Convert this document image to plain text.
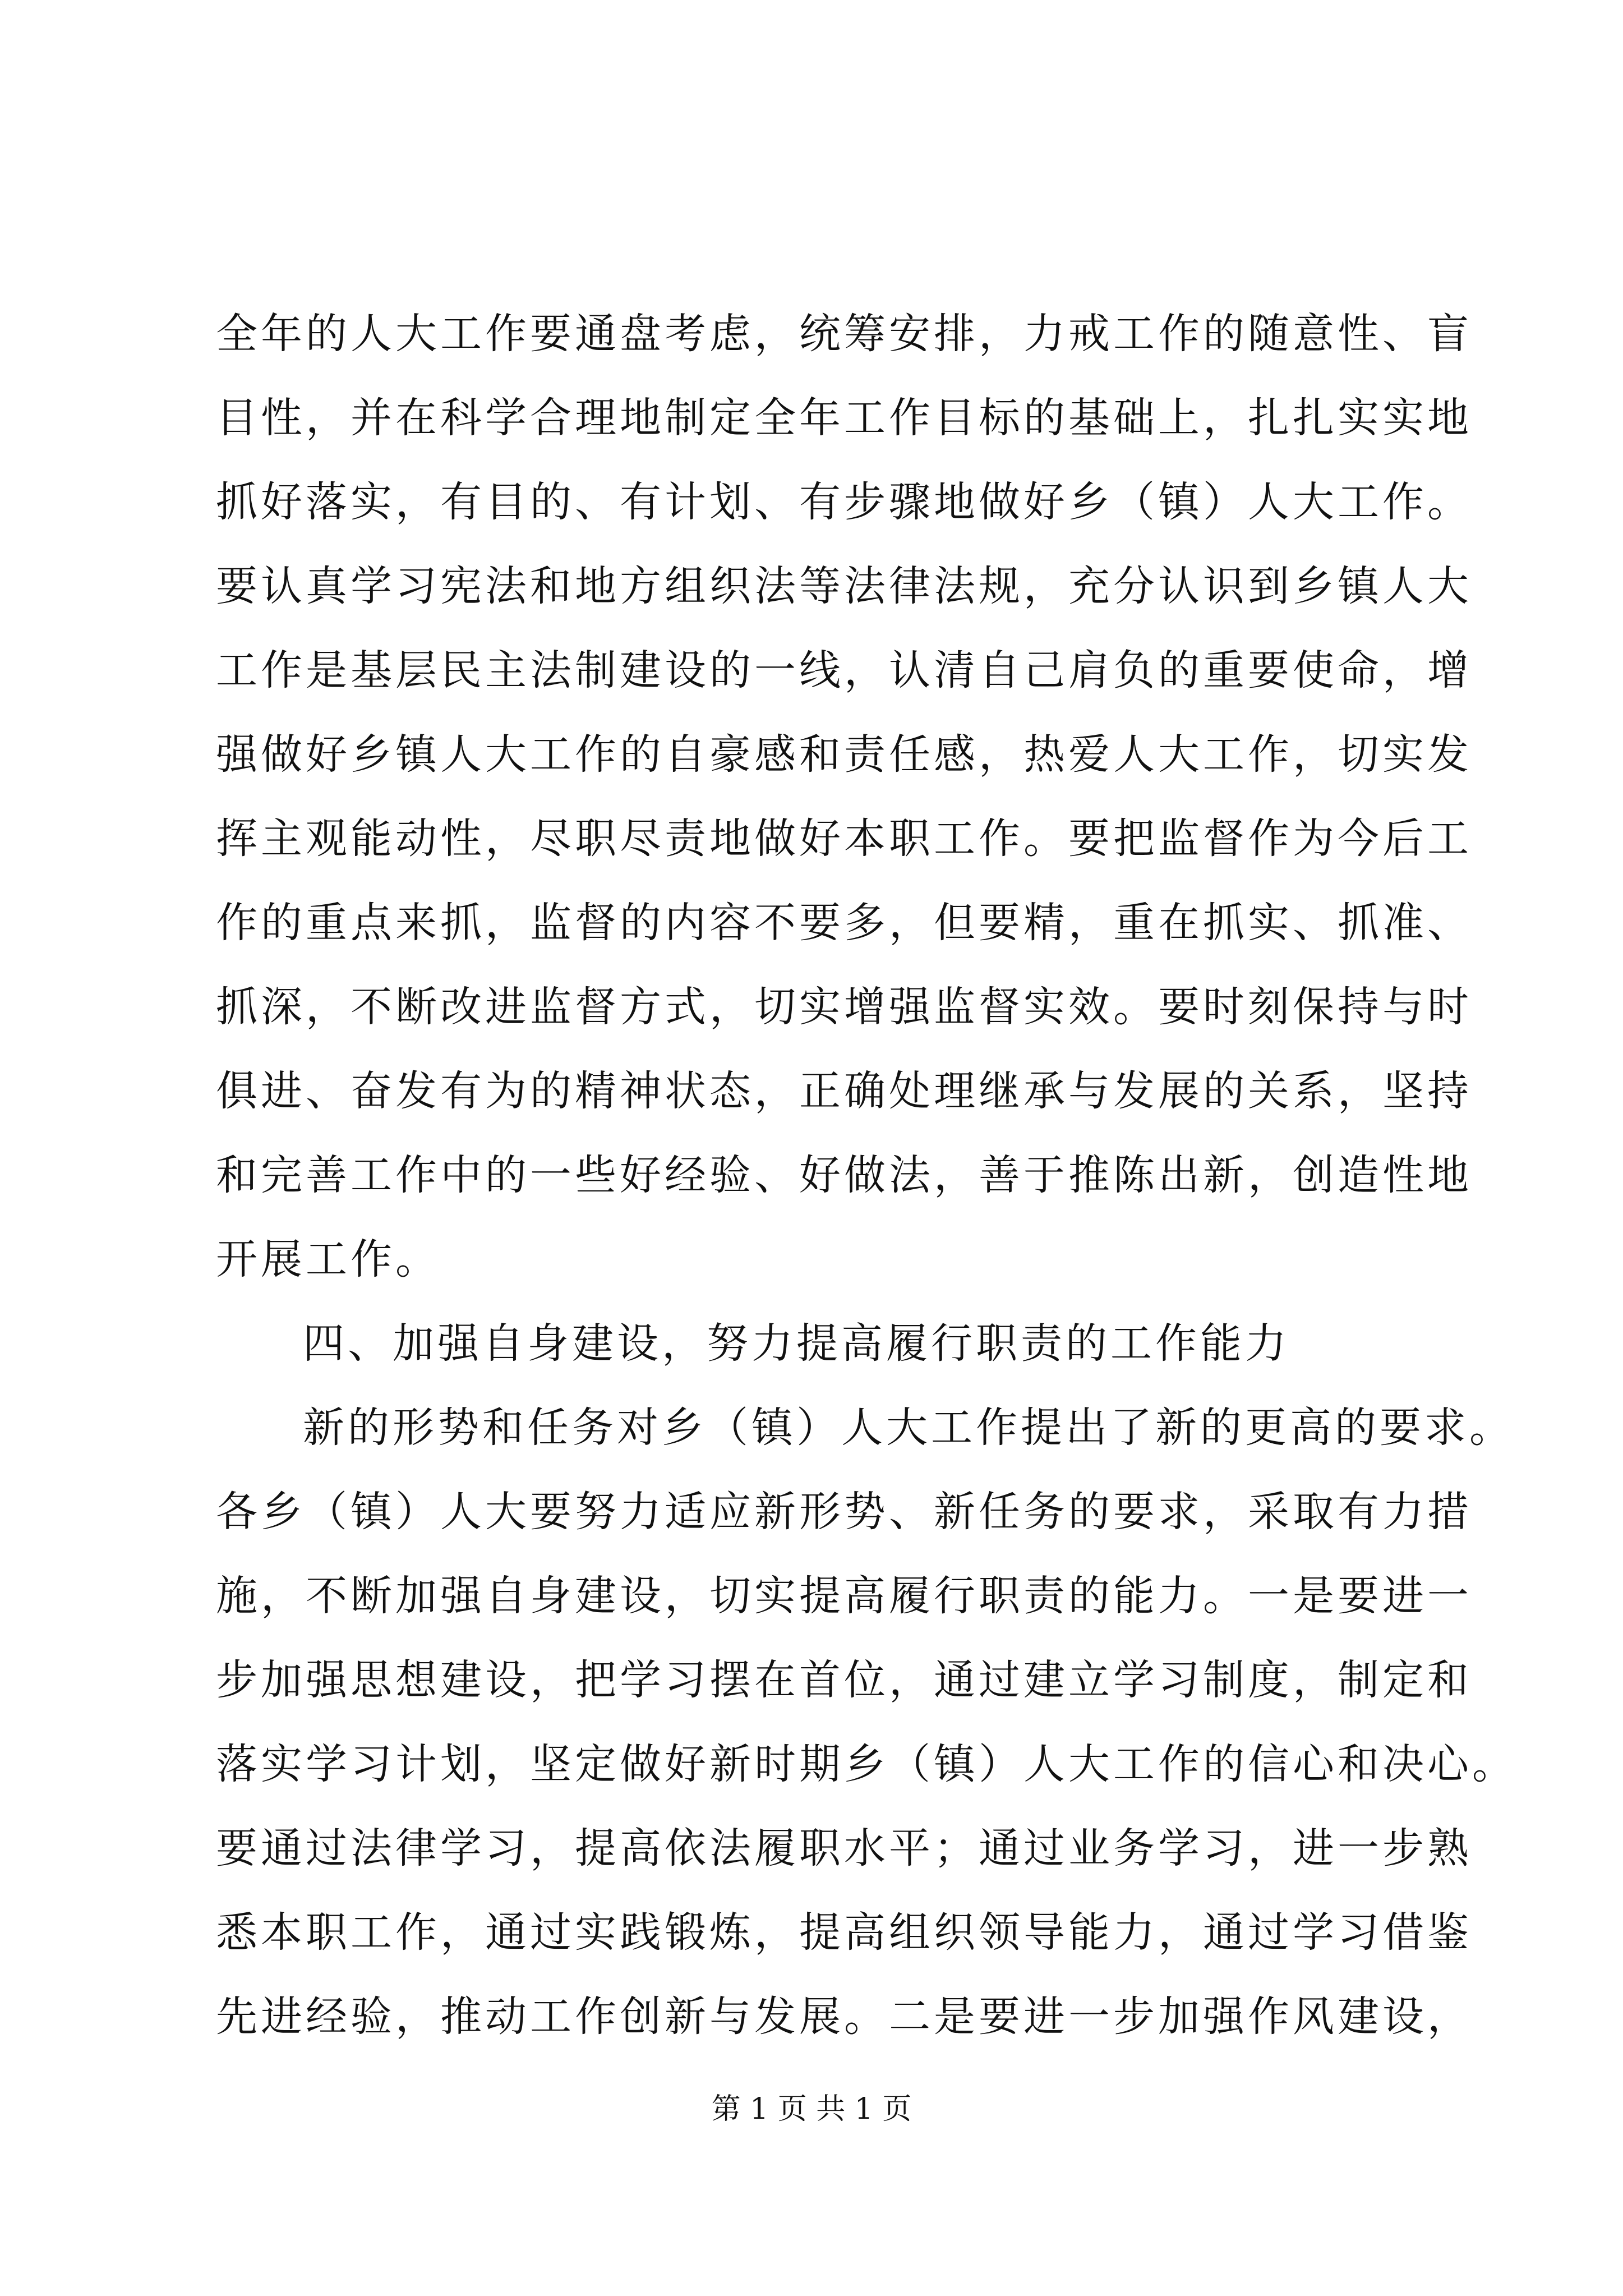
全年的人大工作要通盘考虑，统筹安排，力戒工作的随意性、盲
目性，并在科学合理地制定全年工作目标的基础上，扎扎实实地
抓好落实，有目的、有计划、有步骤地做好乡（镇）人大工作。
要认真学习宪法和地方组织法等法律法规，充分认识到乡镇人大
工作是基层民主法制建设的一线，认清自己肩负的重要使命，增
强做好乡镇人大工作的自豪感和责任感，热爱人大工作，切实发
挥主观能动性，尽职尽责地做好本职工作。要把监督作为今后工
作的重点来抓，监督的内容不要多，但要精，重在抓实、抓准、
抓深，不断改进监督方式，切实增强监督实效。要时刻保持与时
俱进、奋发有为的精神状态，正确处理继承与发展的关系，坚持
和完善工作中的一些好经验、好做法，善于推陈出新，创造性地
开展工作。
四、加强自身建设，努力提高履行职责的工作能力
新的形势和任务对乡（镇）人大工作提出了新的更高的要求。
各乡（镇）人大要努力适应新形势、新任务的要求，采取有力措
施，不断加强自身建设，切实提高履行职责的能力。一是要进一
步加强思想建设，把学习摆在首位，通过建立学习制度，制定和
落实学习计划，坚定做好新时期乡（镇）人大工作的信心和决心。
要通过法律学习，提高依法履职水平；通过业务学习，进一步熟
悉本职工作，通过实践锻炼，提高组织领导能力，通过学习借鉴
先进经验，推动工作创新与发展。二是要进一步加强作风建设，
第 1 页 共 1 页
